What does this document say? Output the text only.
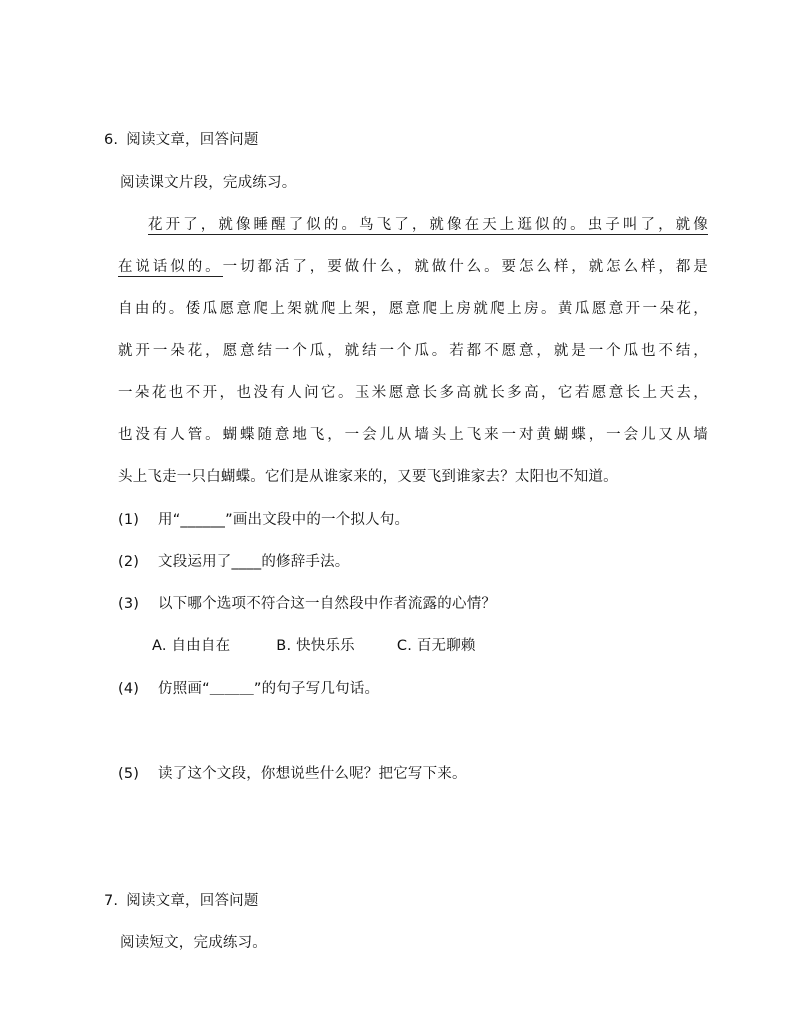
6. 阅读文章，回答问题
阅读课文片段，完成练习。
花开了，就像睡醒了似的。鸟飞了，就像在天上逛似的。虫子叫了，就像
在说话似的。一切都活了，要做什么，就做什么。要怎么样，就怎么样，都是
自由的。倭瓜愿意爬上架就爬上架，愿意爬上房就爬上房。黄瓜愿意开一朵花，
就开一朵花，愿意结一个瓜，就结一个瓜。若都不愿意，就是一个瓜也不结，
一朵花也不开，也没有人问它。玉米愿意长多高就长多高，它若愿意长上天去，
也没有人管。蝴蝶随意地飞，一会儿从墙头上飞来一对黄蝴蝶，一会儿又从墙
头上飞走一只白蝴蝶。它们是从谁家来的，又要飞到谁家去？太阳也不知道。
(1) 用“______”画出文段中的一个拟人句。
(2) 文段运用了____的修辞手法。
(3) 以下哪个选项不符合这一自然段中作者流露的心情？
A. 自由自在	B. 快快乐乐	C. 百无聊赖
(4) 仿照画“＿＿＿”的句子写几句话。
(5) 读了这个文段，你想说些什么呢？把它写下来。
7. 阅读文章，回答问题
阅读短文，完成练习。
